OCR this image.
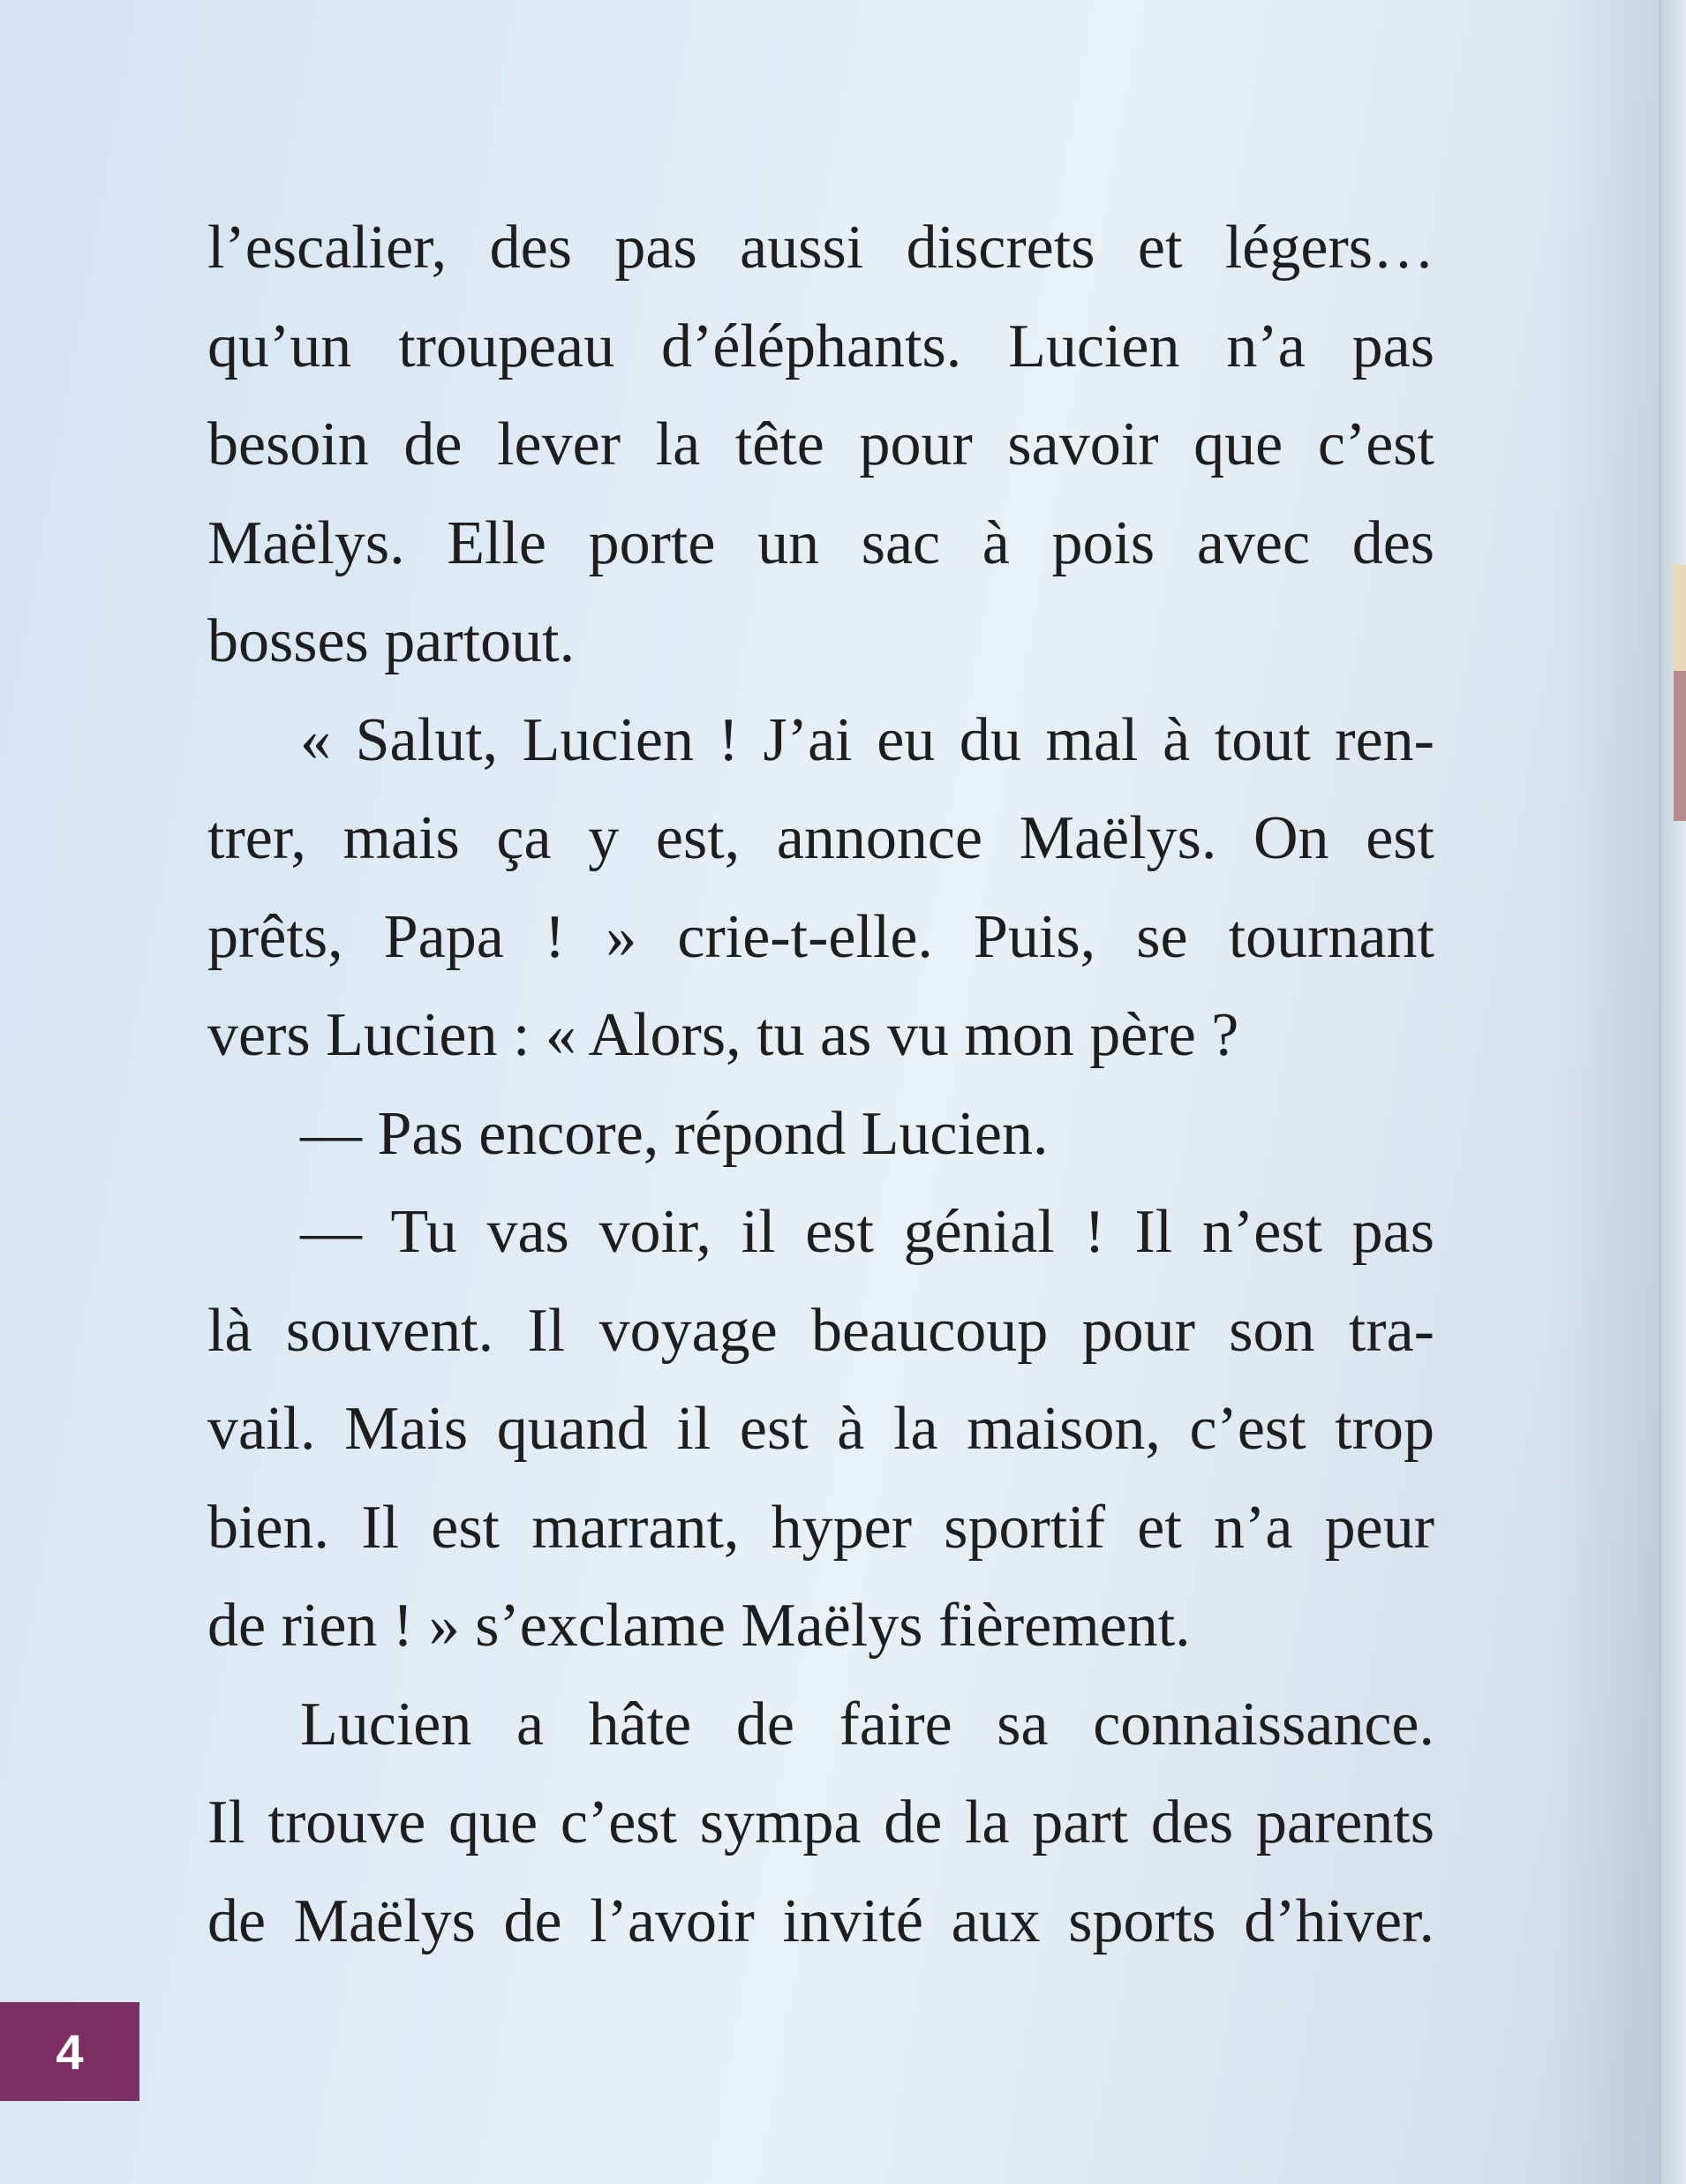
l’escalier, des pas aussi discrets et légers…
qu’un troupeau d’éléphants. Lucien n’a pas
besoin de lever la tête pour savoir que c’est
Maëlys. Elle porte un sac à pois avec des
bosses partout.

« Salut, Lucien ! J’ai eu du mal à tout ren-
trer, mais ça y est, annonce Maëlys. On est
prêts, Papa ! » crie-t-elle. Puis, se tournant
vers Lucien : « Alors, tu as vu mon père ?

— Pas encore, répond Lucien.

— Tu vas voir, il est génial ! Il n’est pas
là souvent. Il voyage beaucoup pour son tra-
vail. Mais quand il est à la maison, c’est trop
bien. Il est marrant, hyper sportif et n’a peur
de rien ! » s’exclame Maëlys fièrement.

Lucien a hâte de faire sa connaissance.
Il trouve que c’est sympa de la part des parents
de Maëlys de l’avoir invité aux sports d’hiver.

4
